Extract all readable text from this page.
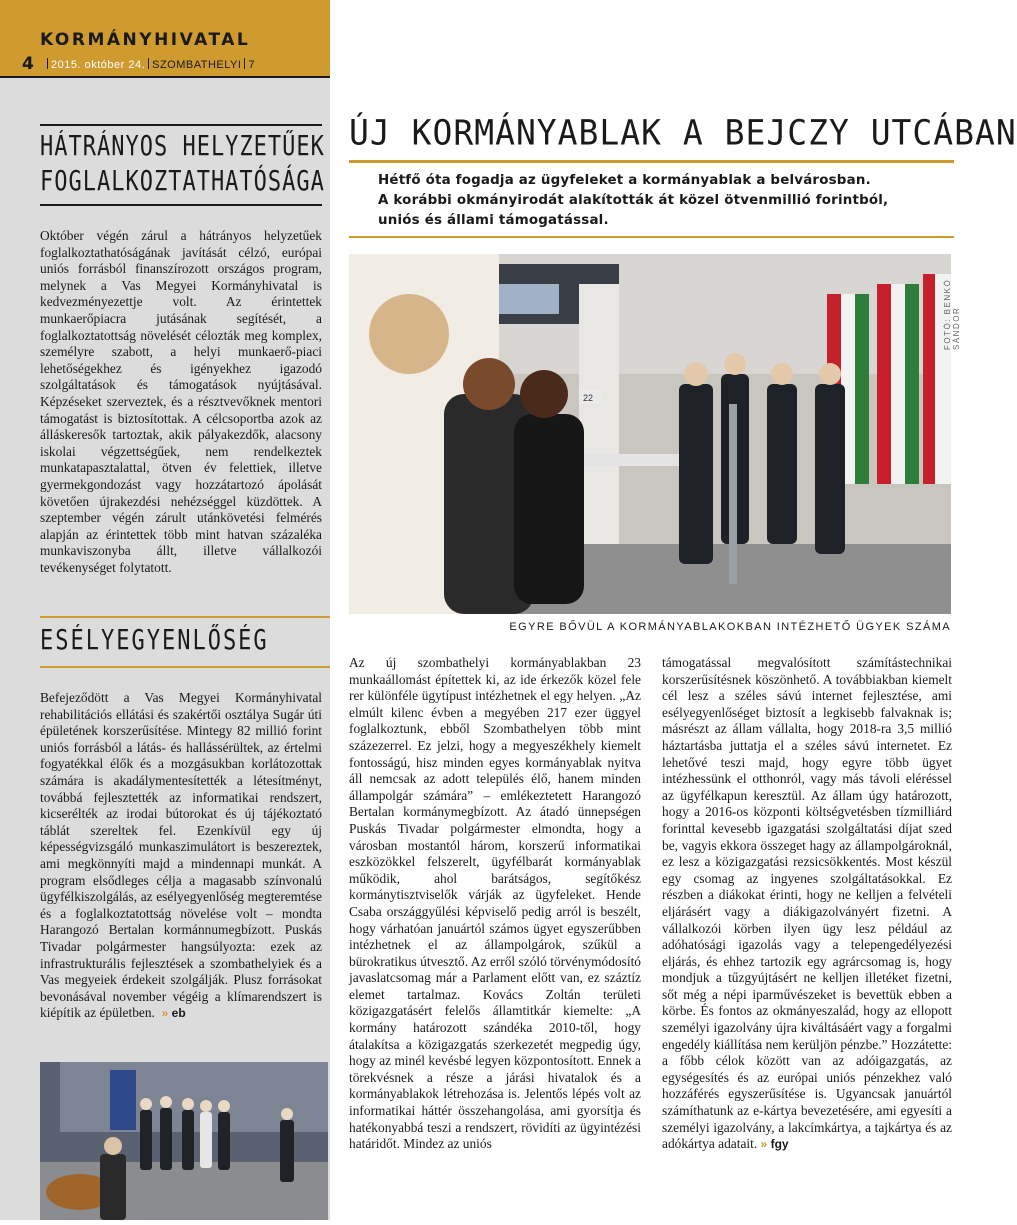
KORMÁNYHIVATAL
4	2015. október 24. SZOMBATHELYI 7
HÁTRÁNYOS HELYZETŰEK
FOGLALKOZTATHATÓSÁGA
Október végén zárul a hátrányos helyzetűek foglalkoztathatóságának javítását célzó, európai uniós forrásból finanszírozott országos program, melynek a Vas Megyei Kormányhivatal is kedvezményezettje volt. Az érintettek munkaerőpiacra jutásának segítését, a foglalkoztatottság növelését célozták meg komplex, személyre szabott, a helyi munkaerő-piaci lehetőségekhez és igényekhez igazodó szolgáltatások és támogatások nyújtásával. Képzéseket szerveztek, és a résztvevőknek mentori támogatást is biztosítottak. A célcsoportba azok az álláskeresők tartoztak, akik pályakezdők, alacsony iskolai végzettségűek, nem rendelkeztek munkatapasztalattal, ötven év felettiek, illetve gyermekgondozást vagy hozzátartozó ápolását követően újrakezdési nehézséggel küzdöttek. A szeptember végén zárult utánkövetési felmérés alapján az érintettek több mint hatvan százaléka munkaviszonyba állt, illetve vállalkozói tevékenységet folytatott.
ESÉLYEGYENLŐSÉG
Befejeződött a Vas Megyei Kormányhivatal rehabilitációs ellátási és szakértői osztálya Sugár úti épületének korszerűsítése. Mintegy 82 millió forint uniós forrásból a látás- és hallássérültek, az értelmi fogyatékkal élők és a mozgásukban korlátozottak számára is akadálymentesítették a létesítményt, továbbá fejlesztették az informatikai rendszert, kicserélték az irodai bútorokat és új tájékoztató táblát szereltek fel. Ezenkívül egy új képességvizsgáló munkaszimulátort is beszereztek, ami megkönnyíti majd a mindennapi munkát. A program elsődleges célja a magasabb színvonalú ügyfélkiszolgálás, az esélyegyenlőség megteremtése és a foglalkoztatottság növelése volt – mondta Harangozó Bertalan kormánnumegbízott. Puskás Tivadar polgármester hangsúlyozta: ezek az infrastrukturális fejlesztések a szombathelyiek és a Vas megyeiek érdekeit szolgálják. Plusz forrásokat bevonásával november végéig a klímarendszert is kiépítik az épületben. » eb
ÚJ KORMÁNYABLAK A BEJCZY UTCÁBAN
Hétfő óta fogadja az ügyfeleket a kormányablak a belvárosban.
A korábbi okmányirodát alakították át közel ötvenmillió forintból,
uniós és állami támogatással.
22
FOTÓ: BENKŐ SÁNDOR
EGYRE BŐVÜL A KORMÁNYABLAKOKBAN INTÉZHETŐ ÜGYEK SZÁMA
Az új szombathelyi kormányablakban 23 munkaállomást építettek ki, az ide érkezők közel fele rer különféle ügytípust intézhetnek el egy helyen. „Az elmúlt kilenc évben a megyében 217 ezer üggyel foglalkoztunk, ebből Szombathelyen több mint százezerrel. Ez jelzi, hogy a megyeszékhely kiemelt fontosságú, hisz minden egyes kormányablak nyitva áll nemcsak az adott település élő, hanem minden állampolgár számára” – emlékeztetett Harangozó Bertalan kormánymegbízott. Az átadó ünnepségen Puskás Tivadar polgármester elmondta, hogy a városban mostantól három, korszerű informatikai eszközökkel felszerelt, ügyfélbarát kormányablak működik, ahol barátságos, segítőkész kormánytisztviselők várják az ügyfeleket. Hende Csaba országgyűlési képviselő pedig arról is beszélt, hogy várhatóan januártól számos ügyet egyszerűbben intézhetnek el az állampolgárok, szűkül a bürokratikus útvesztő. Az erről szóló törvénymódosító javaslatcsomag már a Parlament előtt van, ez száztíz elemet tartalmaz. Kovács Zoltán területi közigazgatásért felelős államtitkár kiemelte: „A kormány határozott szándéka 2010-től, hogy átalakítsa a közigazgatás szerkezetét megpedig úgy, hogy az minél kevésbé legyen központosított. Ennek a törekvésnek a része a járási hivatalok és a kormányablakok létrehozása is. Jelentős lépés volt az informatikai háttér összehangolása, ami gyorsítja és hatékonyabbá teszi a rendszert, rövidíti az ügyintézési határidőt. Mindez az uniós
támogatással megvalósított számítástechnikai korszerűsítésnek köszönhető. A továbbiakban kiemelt cél lesz a széles sávú internet fejlesztése, ami esélyegyenlőséget biztosít a legkisebb falvaknak is; másrészt az állam vállalta, hogy 2018-ra 3,5 millió háztartásba juttatja el a széles sávú internetet. Ez lehetővé teszi majd, hogy egyre több ügyet intézhessünk el otthonról, vagy más távoli eléréssel az ügyfélkapun keresztül. Az állam úgy határozott, hogy a 2016-os központi költségvetésben tízmilliárd forinttal kevesebb igazgatási szolgáltatási díjat szed be, vagyis ekkora összeget hagy az állampolgároknál, ez lesz a közigazgatási rezsicsökkentés. Most készül egy csomag az ingyenes szolgáltatásokkal. Ez részben a diákokat érinti, hogy ne kelljen a felvételi eljárásért vagy a diákigazolványért fizetni. A vállalkozói körben ilyen ügy lesz például az adóhatósági igazolás vagy a telepengedélyezési eljárás, és ehhez tartozik egy agrárcsomag is, hogy mondjuk a tűzgyújtásért ne kelljen illetéket fizetni, sőt még a népi iparművészeket is bevettük ebben a körbe. És fontos az okmányeszalád, hogy az ellopott személyi igazolvány újra kiváltásáért vagy a forgalmi engedély kiállítása nem kerüljön pénzbe.” Hozzátette: a főbb célok között van az adóigazgatás, az egységesítés és az európai uniós pénzekhez való hozzáférés egyszerűsítése is. Ugyancsak januártól számíthatunk az e-kártya bevezetésére, ami egyesíti a személyi igazolvány, a lakcímkártya, a tajkártya és az adókártya adatait. » fgy
